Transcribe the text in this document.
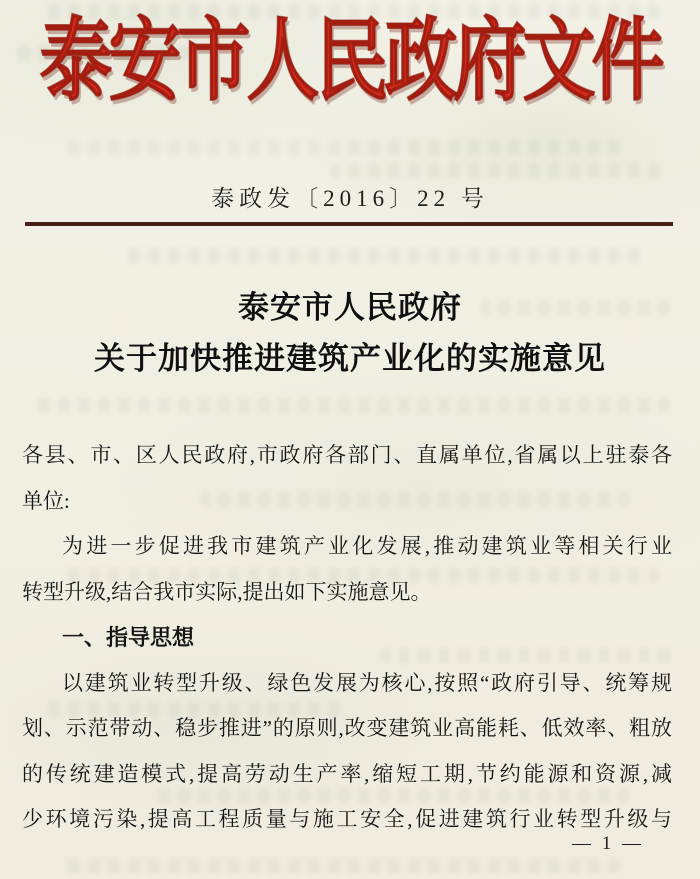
泰安市人民政府文件
泰政发〔2016〕22 号
泰安市人民政府
关于加快推进建筑产业化的实施意见
各县、市、区人民政府,市政府各部门、直属单位,省属以上驻泰各
单位:
为进一步促进我市建筑产业化发展,推动建筑业等相关行业
转型升级,结合我市实际,提出如下实施意见。
一、指导思想
以建筑业转型升级、绿色发展为核心,按照“政府引导、统筹规
划、示范带动、稳步推进”的原则,改变建筑业高能耗、低效率、粗放
的传统建造模式,提高劳动生产率,缩短工期,节约能源和资源,减
少环境污染,提高工程质量与施工安全,促进建筑行业转型升级与
— 1 —
